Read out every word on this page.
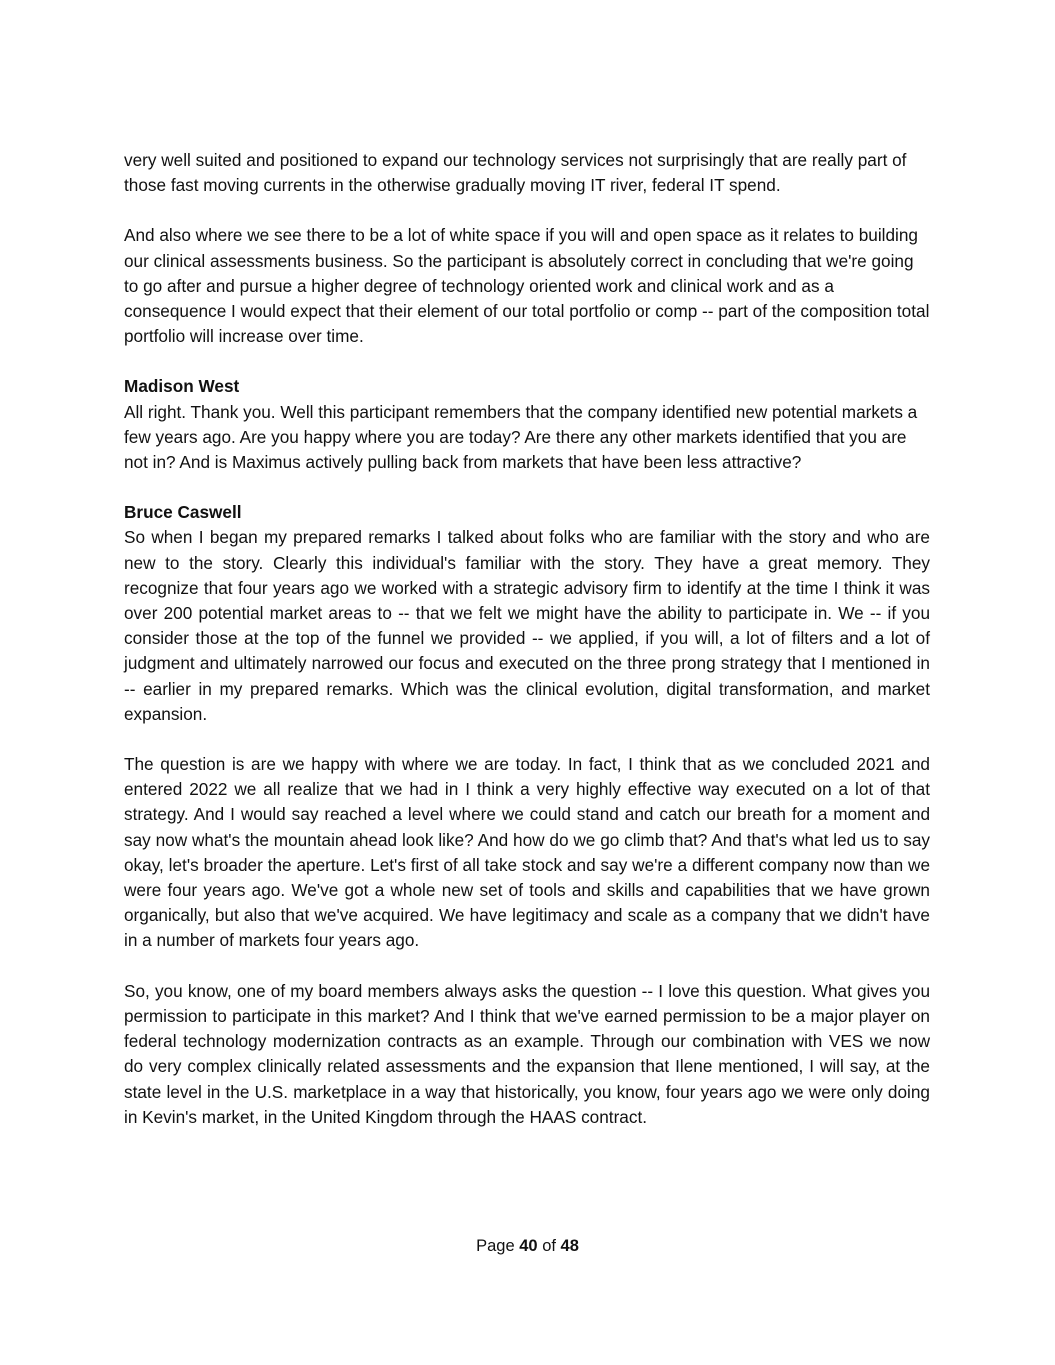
very well suited and positioned to expand our technology services not surprisingly that are really part of those fast moving currents in the otherwise gradually moving IT river, federal IT spend.

And also where we see there to be a lot of white space if you will and open space as it relates to building our clinical assessments business. So the participant is absolutely correct in concluding that we're going to go after and pursue a higher degree of technology oriented work and clinical work and as a consequence I would expect that their element of our total portfolio or comp -- part of the composition total portfolio will increase over time.

Madison West

All right. Thank you. Well this participant remembers that the company identified new potential markets a few years ago. Are you happy where you are today? Are there any other markets identified that you are not in? And is Maximus actively pulling back from markets that have been less attractive?

Bruce Caswell

So when I began my prepared remarks I talked about folks who are familiar with the story and who are new to the story. Clearly this individual's familiar with the story. They have a great memory. They recognize that four years ago we worked with a strategic advisory firm to identify at the time I think it was over 200 potential market areas to -- that we felt we might have the ability to participate in. We -- if you consider those at the top of the funnel we provided -- we applied, if you will, a lot of filters and a lot of judgment and ultimately narrowed our focus and executed on the three prong strategy that I mentioned in -- earlier in my prepared remarks. Which was the clinical evolution, digital transformation, and market expansion.

The question is are we happy with where we are today. In fact, I think that as we concluded 2021 and entered 2022 we all realize that we had in I think a very highly effective way executed on a lot of that strategy. And I would say reached a level where we could stand and catch our breath for a moment and say now what's the mountain ahead look like? And how do we go climb that? And that's what led us to say okay, let's broader the aperture. Let's first of all take stock and say we're a different company now than we were four years ago. We've got a whole new set of tools and skills and capabilities that we have grown organically, but also that we've acquired. We have legitimacy and scale as a company that we didn't have in a number of markets four years ago.

So, you know, one of my board members always asks the question -- I love this question. What gives you permission to participate in this market? And I think that we've earned permission to be a major player on federal technology modernization contracts as an example. Through our combination with VES we now do very complex clinically related assessments and the expansion that Ilene mentioned, I will say, at the state level in the U.S. marketplace in a way that historically, you know, four years ago we were only doing in Kevin's market, in the United Kingdom through the HAAS contract.

Page 40 of 48
